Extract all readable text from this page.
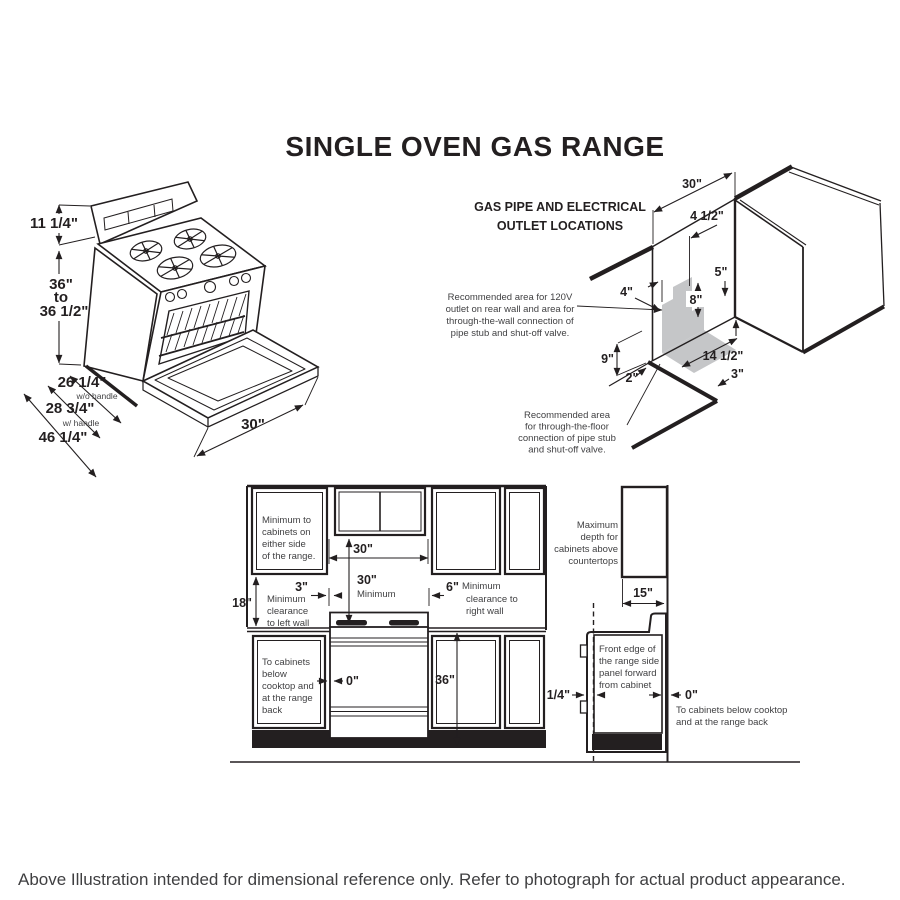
SINGLE OVEN GAS RANGE
11 1/4"
36"
to
36 1/2"
26 1/4"
w/o handle
28 3/4"
w/ handle
46 1/4"
30"
GAS PIPE AND ELECTRICAL
OUTLET LOCATIONS
30"
4 1/2"
5"
4"
8"
9"
2"
14 1/2"
3"
Recommended area for 120V
outlet on rear wall and area for
through-the-wall connection of
pipe stub and shut-off valve.
Recommended area
for through-the-floor
connection of pipe stub
and shut-off valve.
30"
30"
Minimum
3"	6"
18"
0"	36"
Minimum to
cabinets on
either side
of the range.
Minimum
clearance
to left wall
Minimum
clearance to
right wall
To cabinets
below
cooktop and
at the range
back
15"
Maximum
depth for
cabinets above
countertops
Front edge of
the range side
panel forward
from cabinet
1/4"	0"
To cabinets below cooktop
and at the range back
Above Illustration intended for dimensional reference only. Refer to photograph for actual product appearance.
